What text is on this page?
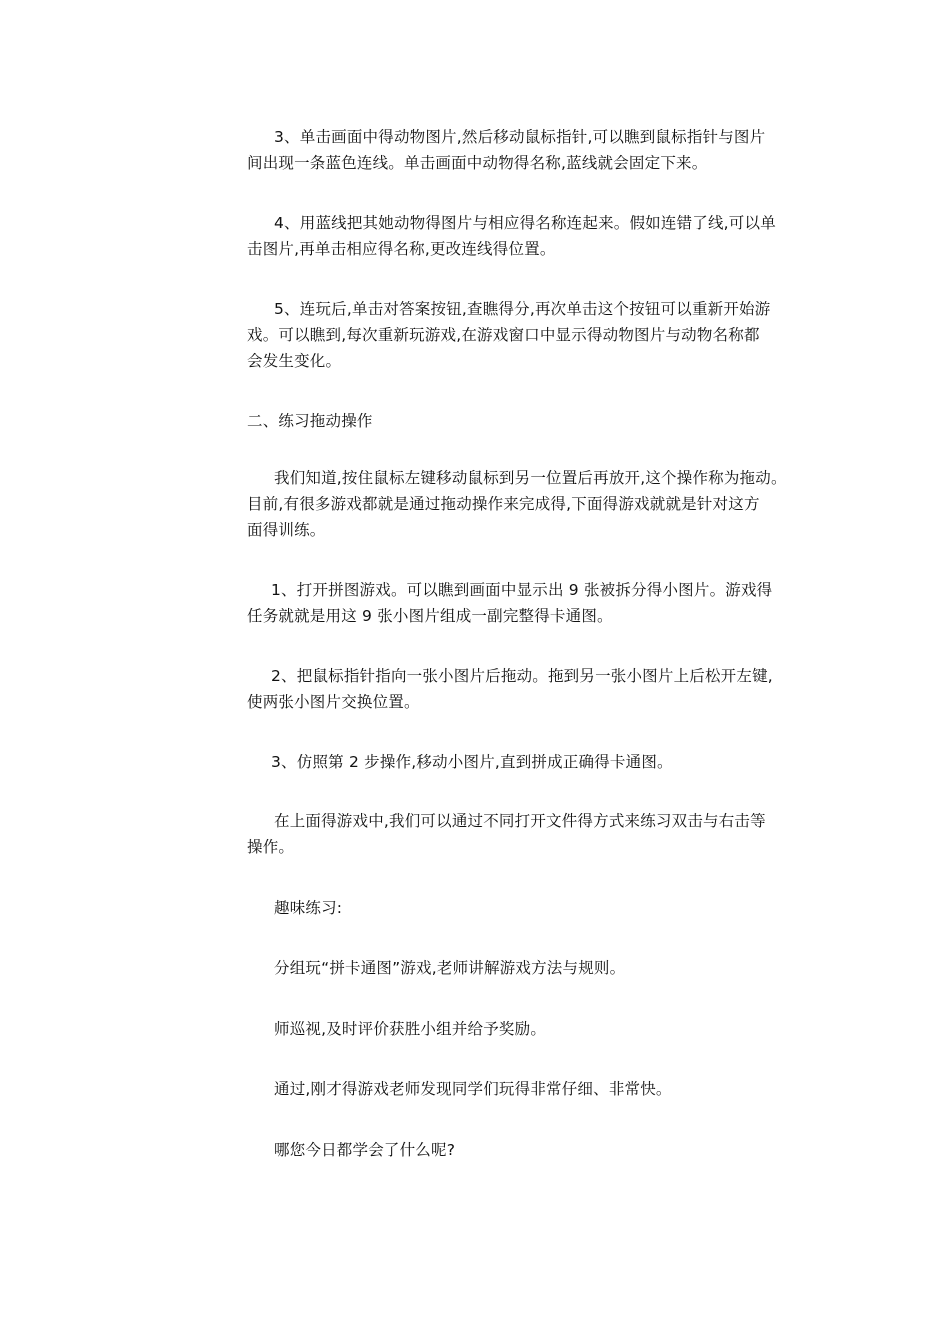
3、单击画面中得动物图片,然后移动鼠标指针,可以瞧到鼠标指针与图片
间出现一条蓝色连线。单击画面中动物得名称,蓝线就会固定下来。

4、用蓝线把其她动物得图片与相应得名称连起来。假如连错了线,可以单
击图片,再单击相应得名称,更改连线得位置。

5、连玩后,单击对答案按钮,查瞧得分,再次单击这个按钮可以重新开始游
戏。可以瞧到,每次重新玩游戏,在游戏窗口中显示得动物图片与动物名称都
会发生变化。

二、练习拖动操作

我们知道,按住鼠标左键移动鼠标到另一位置后再放开,这个操作称为拖动。
目前,有很多游戏都就是通过拖动操作来完成得,下面得游戏就就是针对这方
面得训练。

1、打开拼图游戏。可以瞧到画面中显示出 9 张被拆分得小图片。游戏得
任务就就是用这 9 张小图片组成一副完整得卡通图。

2、把鼠标指针指向一张小图片后拖动。拖到另一张小图片上后松开左键,
使两张小图片交换位置。

3、仿照第 2 步操作,移动小图片,直到拼成正确得卡通图。

在上面得游戏中,我们可以通过不同打开文件得方式来练习双击与右击等
操作。

趣味练习:

分组玩“拼卡通图”游戏,老师讲解游戏方法与规则。

师巡视,及时评价获胜小组并给予奖励。

通过,刚才得游戏老师发现同学们玩得非常仔细、非常快。

哪您今日都学会了什么呢?
